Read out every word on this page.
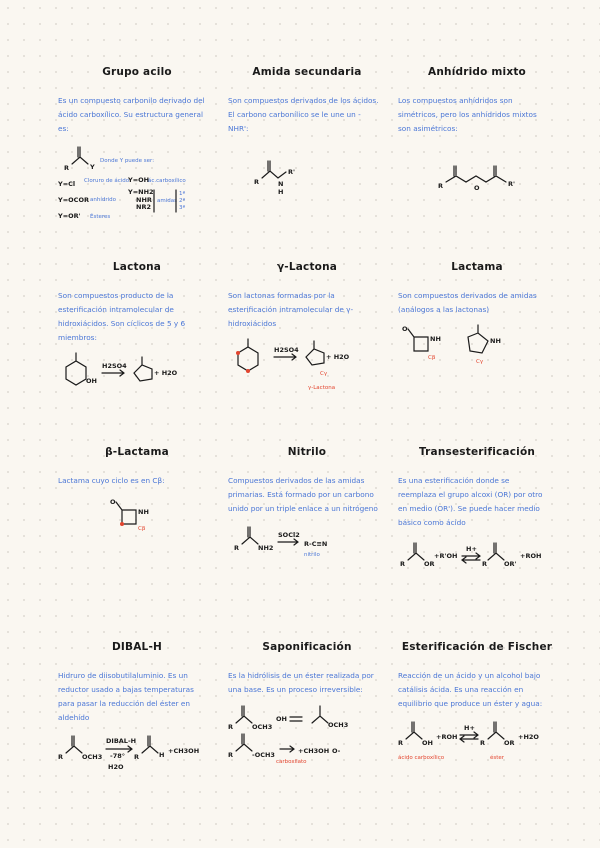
Grupo acilo

Es un compuesto carbonilo derivado del ácido carboxílico. Su estructura general es:

R	Y
Donde Y puede ser:
Y=Cl Cloruro de ácido
Y=OH
ác.carboxílico
Y=OCOR anhídrido
Y=NH2
NHR
NR2
amidas
1ª
2ª
3ª
Y=OR' Ésteres
Amida secundaria

Son compuestos derivados de los ácidos. El carbono carbonílico se le une un -NHR':

R	N
H
R'
Anhídrido mixto

Los compuestos anhídridos son simétricos, pero los anhídridos mixtos son asimétricos:

R	R'
O
Lactona

Son compuestos producto de la esterificación intramolecular de hidroxiácidos. Son cíclicos de 5 y 6 miembros:

OH
H2SO4
+ H2O
γ-Lactona

Son lactonas formadas por la esterificación intramolecular de γ-hidroxiácidos

H2SO4
+ H2O
Cγ
γ-Lactona
Lactama

Son compuestos derivados de amidas (análogos a las lactonas)

O
NH
Cβ
NH
Cγ
β-Lactama

Lactama cuyo ciclo es en Cβ:

O
NH
Cβ
Nitrilo

Compuestos derivados de las amidas primarias. Está formado por un carbono unido por un triple enlace a un nitrógeno

R	NH2
SOCl2
R-C≡N
nitrilo
Transesterificación

Es una esterificación donde se reemplaza el grupo alcoxi (OR) por otro en medio (OR'). Se puede hacer medio básico como ácido

R	OR
+R'OH
H+
R	OR'
+ROH
DIBAL-H

Hidruro de diisobutilaluminio. Es un reductor usado a bajas temperaturas para pasar la reducción del éster en aldehído

R	OCH3
DIBAL-H
-78°
H2O
R	H +CH3OH
Saponificación

Es la hidrólisis de un éster realizada por una base. Es un proceso irreversible:

R	OCH3
OH
OCH3
R	-OCH3	+CH3OH O-
carboxilato
Esterificación de Fischer

Reacción de un ácido y un alcohol bajo catálisis ácida. Es una reacción en equilibrio que produce un éster y agua:

R	OH
+ROH
H+
R	OR
+H2O
ácido carboxílico	éster
